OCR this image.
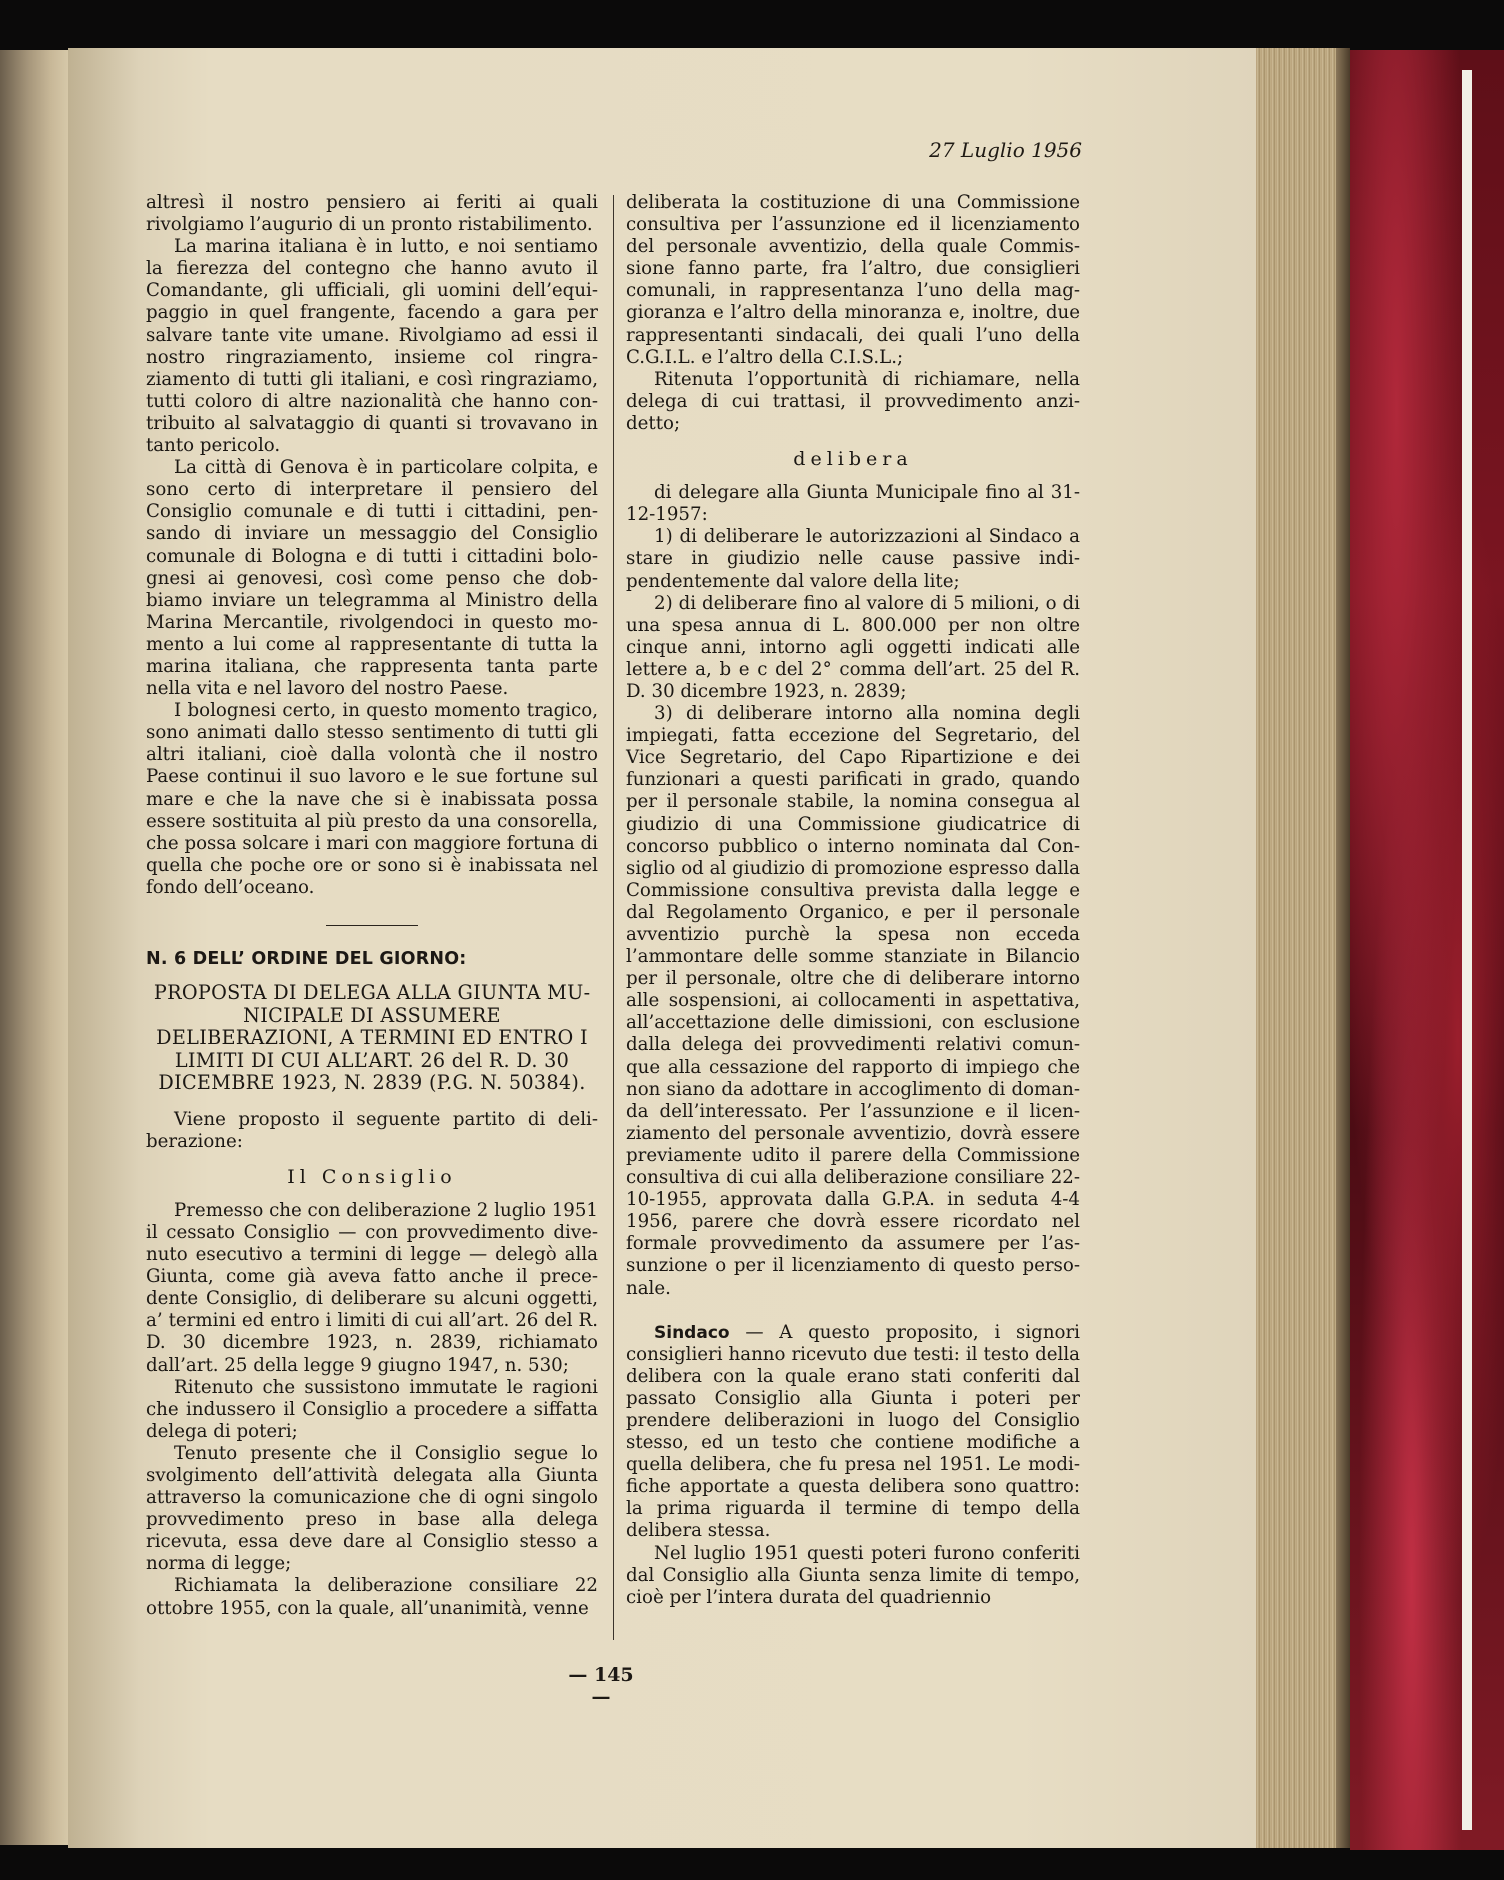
27 Luglio 1956

altresì il nostro pensiero ai feriti ai quali rivolgiamo l’augurio di un pronto ristabilimento.

La marina italiana è in lutto, e noi sentiamo la fierezza del contegno che hanno avuto il Comandante, gli ufficiali, gli uomini dell’equipaggio in quel frangente, facendo a gara per salvare tante vite umane. Rivolgiamo ad essi il nostro ringraziamento, insieme col ringraziamento di tutti gli italiani, e così ringraziamo, tutti coloro di altre nazionalità che hanno contribuito al salvataggio di quanti si trovavano in tanto pericolo.

La città di Genova è in particolare colpita, e sono certo di interpretare il pensiero del Consiglio comunale e di tutti i cittadini, pensando di inviare un messaggio del Consiglio comunale di Bologna e di tutti i cittadini bolognesi ai genovesi, così come penso che dobbiamo inviare un telegramma al Ministro della Marina Mercantile, rivolgendoci in questo momento a lui come al rappresentante di tutta la marina italiana, che rappresenta tanta parte nella vita e nel lavoro del nostro Paese.

I bolognesi certo, in questo momento tragico, sono animati dallo stesso sentimento di tutti gli altri italiani, cioè dalla volontà che il nostro Paese continui il suo lavoro e le sue fortune sul mare e che la nave che si è inabissata possa essere sostituita al più presto da una consorella, che possa solcare i mari con maggiore fortuna di quella che poche ore or sono si è inabissata nel fondo dell’oceano.

N. 6 DELL’ ORDINE DEL GIORNO:

PROPOSTA DI DELEGA ALLA GIUNTA MUNICIPALE DI ASSUMERE DELIBERAZIONI, A TERMINI ED ENTRO I LIMITI DI CUI ALL’ART. 26 del R. D. 30 DICEMBRE 1923, N. 2839 (P.G. N. 50384).

Viene proposto il seguente partito di deliberazione:

Il Consiglio

Premesso che con deliberazione 2 luglio 1951 il cessato Consiglio — con provvedimento divenuto esecutivo a termini di legge — delegò alla Giunta, come già aveva fatto anche il precedente Consiglio, di deliberare su alcuni oggetti, a’ termini ed entro i limiti di cui all’art. 26 del R. D. 30 dicembre 1923, n. 2839, richiamato dall’art. 25 della legge 9 giugno 1947, n. 530;

Ritenuto che sussistono immutate le ragioni che indussero il Consiglio a procedere a siffatta delega di poteri;

Tenuto presente che il Consiglio segue lo svolgimento dell’attività delegata alla Giunta attraverso la comunicazione che di ogni singolo provvedimento preso in base alla delega ricevuta, essa deve dare al Consiglio stesso a norma di legge;

Richiamata la deliberazione consiliare 22 ottobre 1955, con la quale, all’unanimità, venne

deliberata la costituzione di una Commissione consultiva per l’assunzione ed il licenziamento del personale avventizio, della quale Commissione fanno parte, fra l’altro, due consiglieri comunali, in rappresentanza l’uno della maggioranza e l’altro della minoranza e, inoltre, due rappresentanti sindacali, dei quali l’uno della C.G.I.L. e l’altro della C.I.S.L.;

Ritenuta l’opportunità di richiamare, nella delega di cui trattasi, il provvedimento anzidetto;

delibera

di delegare alla Giunta Municipale fino al 31-12-1957:

1) di deliberare le autorizzazioni al Sindaco a stare in giudizio nelle cause passive indipendentemente dal valore della lite;

2) di deliberare fino al valore di 5 milioni, o di una spesa annua di L. 800.000 per non oltre cinque anni, intorno agli oggetti indicati alle lettere a, b e c del 2° comma dell’art. 25 del R. D. 30 dicembre 1923, n. 2839;

3) di deliberare intorno alla nomina degli impiegati, fatta eccezione del Segretario, del Vice Segretario, del Capo Ripartizione e dei funzionari a questi parificati in grado, quando per il personale stabile, la nomina consegua al giudizio di una Commissione giudicatrice di concorso pubblico o interno nominata dal Consiglio od al giudizio di promozione espresso dalla Commissione consultiva prevista dalla legge e dal Regolamento Organico, e per il personale avventizio purchè la spesa non ecceda l’ammontare delle somme stanziate in Bilancio per il personale, oltre che di deliberare intorno alle sospensioni, ai collocamenti in aspettativa, all’accettazione delle dimissioni, con esclusione dalla delega dei provvedimenti relativi comunque alla cessazione del rapporto di impiego che non siano da adottare in accoglimento di domanda dell’interessato. Per l’assunzione e il licenziamento del personale avventizio, dovrà essere previamente udito il parere della Commissione consultiva di cui alla deliberazione consiliare 22-10-1955, approvata dalla G.P.A. in seduta 4-4 1956, parere che dovrà essere ricordato nel formale provvedimento da assumere per l’assunzione o per il licenziamento di questo personale.

Sindaco — A questo proposito, i signori consiglieri hanno ricevuto due testi: il testo della delibera con la quale erano stati conferiti dal passato Consiglio alla Giunta i poteri per prendere deliberazioni in luogo del Consiglio stesso, ed un testo che contiene modifiche a quella delibera, che fu presa nel 1951. Le modifiche apportate a questa delibera sono quattro: la prima riguarda il termine di tempo della delibera stessa.

Nel luglio 1951 questi poteri furono conferiti dal Consiglio alla Giunta senza limite di tempo, cioè per l’intera durata del quadriennio

— 145 —
